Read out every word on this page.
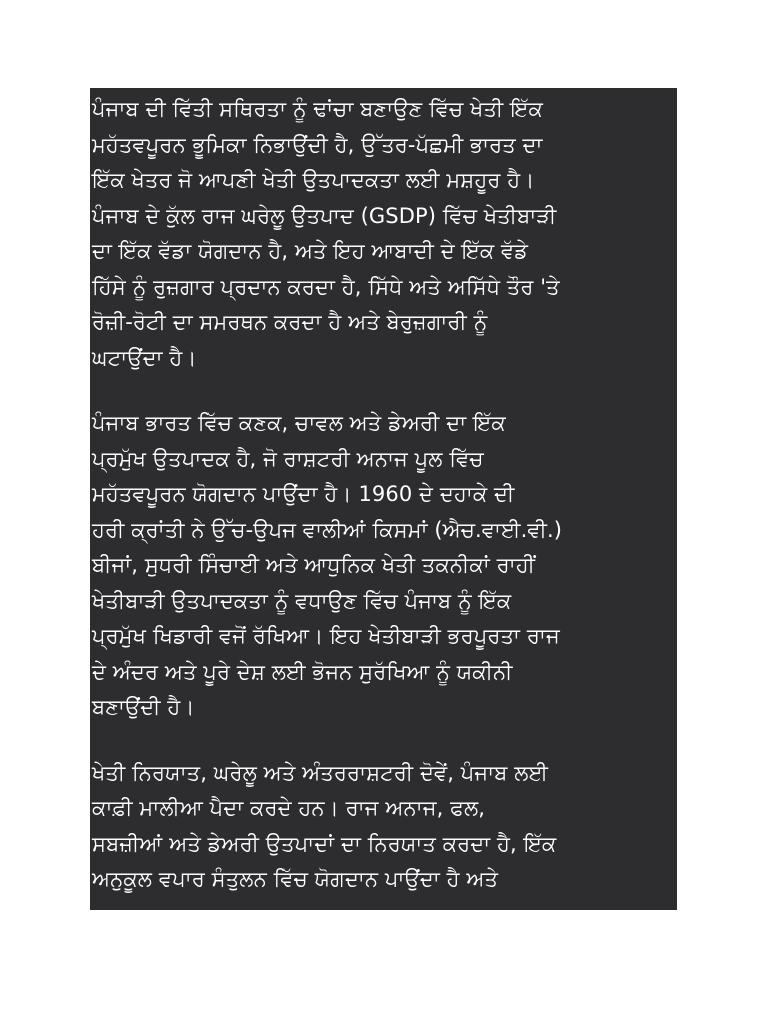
ਪੰਜਾਬ ਦੀ ਵਿੱਤੀ ਸਥਿਰਤਾ ਨੂੰ ਢਾਂਚਾ ਬਣਾਉਣ ਵਿੱਚ ਖੇਤੀ ਇੱਕ
ਮਹੱਤਵਪੂਰਨ ਭੂਮਿਕਾ ਨਿਭਾਉਂਦੀ ਹੈ, ਉੱਤਰ-ਪੱਛਮੀ ਭਾਰਤ ਦਾ
ਇੱਕ ਖੇਤਰ ਜੋ ਆਪਣੀ ਖੇਤੀ ਉਤਪਾਦਕਤਾ ਲਈ ਮਸ਼ਹੂਰ ਹੈ।
ਪੰਜਾਬ ਦੇ ਕੁੱਲ ਰਾਜ ਘਰੇਲੂ ਉਤਪਾਦ (GSDP) ਵਿੱਚ ਖੇਤੀਬਾੜੀ
ਦਾ ਇੱਕ ਵੱਡਾ ਯੋਗਦਾਨ ਹੈ, ਅਤੇ ਇਹ ਆਬਾਦੀ ਦੇ ਇੱਕ ਵੱਡੇ
ਹਿੱਸੇ ਨੂੰ ਰੁਜ਼ਗਾਰ ਪ੍ਰਦਾਨ ਕਰਦਾ ਹੈ, ਸਿੱਧੇ ਅਤੇ ਅਸਿੱਧੇ ਤੌਰ 'ਤੇ
ਰੋਜ਼ੀ-ਰੋਟੀ ਦਾ ਸਮਰਥਨ ਕਰਦਾ ਹੈ ਅਤੇ ਬੇਰੁਜ਼ਗਾਰੀ ਨੂੰ
ਘਟਾਉਂਦਾ ਹੈ।
ਪੰਜਾਬ ਭਾਰਤ ਵਿੱਚ ਕਣਕ, ਚਾਵਲ ਅਤੇ ਡੇਅਰੀ ਦਾ ਇੱਕ
ਪ੍ਰਮੁੱਖ ਉਤਪਾਦਕ ਹੈ, ਜੋ ਰਾਸ਼ਟਰੀ ਅਨਾਜ ਪੂਲ ਵਿੱਚ
ਮਹੱਤਵਪੂਰਨ ਯੋਗਦਾਨ ਪਾਉਂਦਾ ਹੈ। 1960 ਦੇ ਦਹਾਕੇ ਦੀ
ਹਰੀ ਕ੍ਰਾਂਤੀ ਨੇ ਉੱਚ-ਉਪਜ ਵਾਲੀਆਂ ਕਿਸਮਾਂ (ਐਚ.ਵਾਈ.ਵੀ.)
ਬੀਜਾਂ, ਸੁਧਰੀ ਸਿੰਚਾਈ ਅਤੇ ਆਧੁਨਿਕ ਖੇਤੀ ਤਕਨੀਕਾਂ ਰਾਹੀਂ
ਖੇਤੀਬਾੜੀ ਉਤਪਾਦਕਤਾ ਨੂੰ ਵਧਾਉਣ ਵਿੱਚ ਪੰਜਾਬ ਨੂੰ ਇੱਕ
ਪ੍ਰਮੁੱਖ ਖਿਡਾਰੀ ਵਜੋਂ ਰੱਖਿਆ। ਇਹ ਖੇਤੀਬਾੜੀ ਭਰਪੂਰਤਾ ਰਾਜ
ਦੇ ਅੰਦਰ ਅਤੇ ਪੂਰੇ ਦੇਸ਼ ਲਈ ਭੋਜਨ ਸੁਰੱਖਿਆ ਨੂੰ ਯਕੀਨੀ
ਬਣਾਉਂਦੀ ਹੈ।
ਖੇਤੀ ਨਿਰਯਾਤ, ਘਰੇਲੂ ਅਤੇ ਅੰਤਰਰਾਸ਼ਟਰੀ ਦੋਵੇਂ, ਪੰਜਾਬ ਲਈ
ਕਾਫ਼ੀ ਮਾਲੀਆ ਪੈਦਾ ਕਰਦੇ ਹਨ। ਰਾਜ ਅਨਾਜ, ਫਲ,
ਸਬਜ਼ੀਆਂ ਅਤੇ ਡੇਅਰੀ ਉਤਪਾਦਾਂ ਦਾ ਨਿਰਯਾਤ ਕਰਦਾ ਹੈ, ਇੱਕ
ਅਨੁਕੂਲ ਵਪਾਰ ਸੰਤੁਲਨ ਵਿੱਚ ਯੋਗਦਾਨ ਪਾਉਂਦਾ ਹੈ ਅਤੇ
